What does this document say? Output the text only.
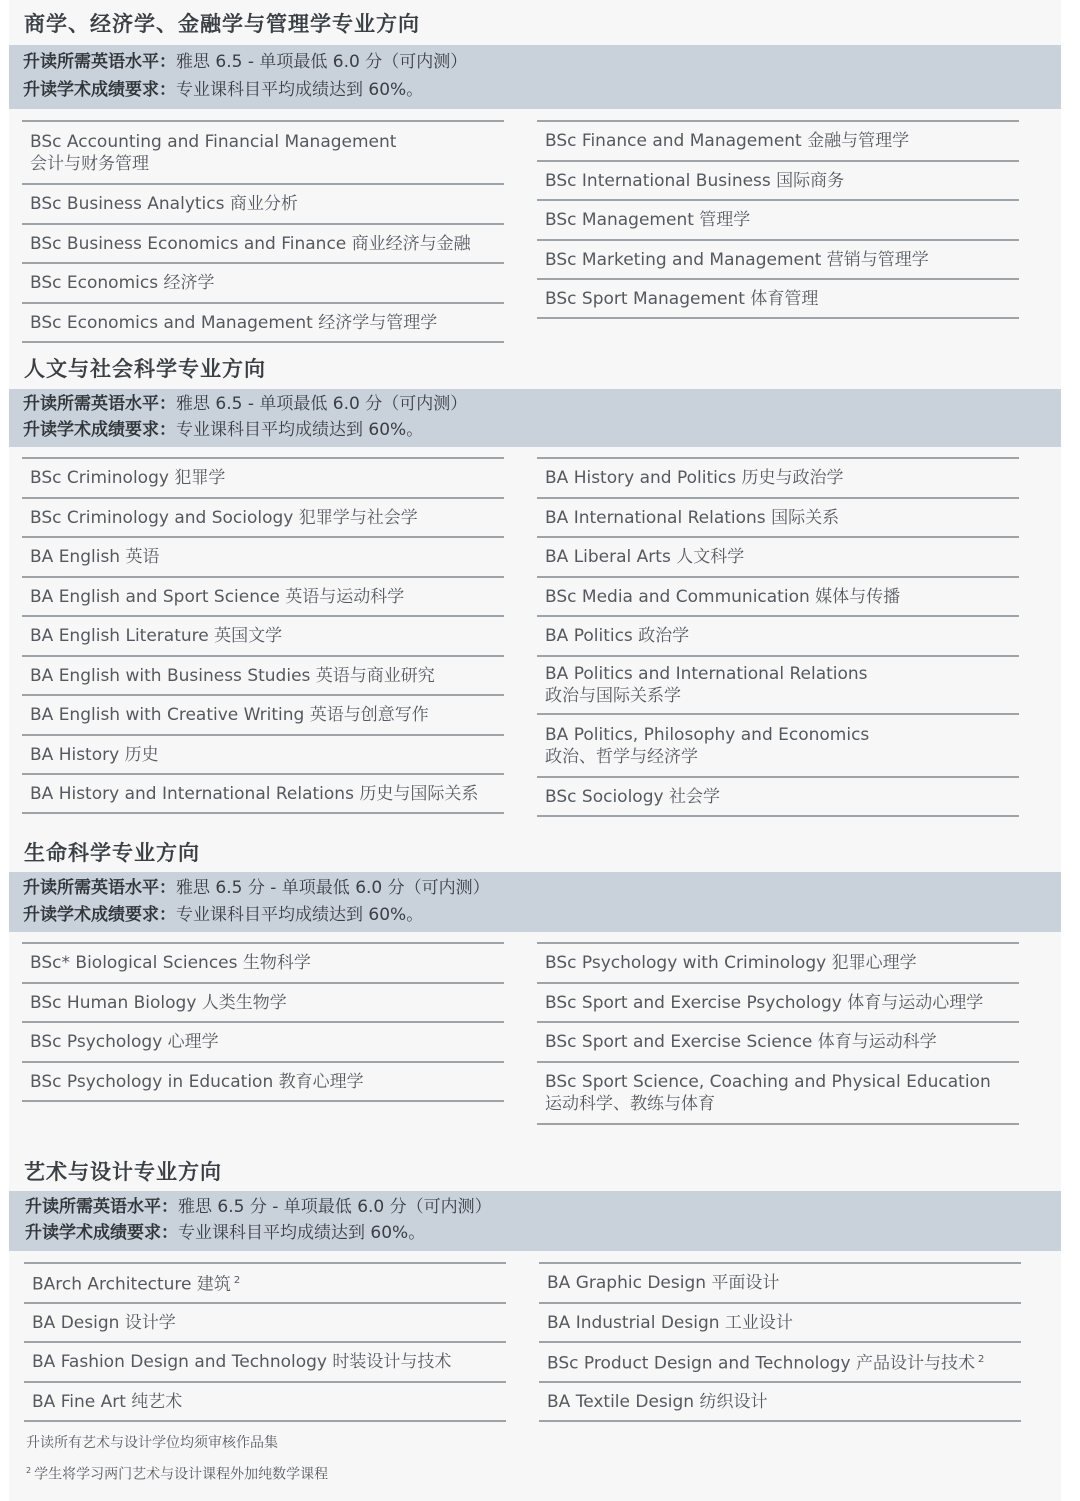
商学、经济学、金融学与管理学专业方向
升读所需英语水平：雅思 6.5 - 单项最低 6.0 分（可内测）
升读学术成绩要求：专业课科目平均成绩达到 60%。
BSc Accounting and Financial Management
会计与财务管理
BSc Business Analytics 商业分析
BSc Business Economics and Finance 商业经济与金融
BSc Economics 经济学
BSc Economics and Management 经济学与管理学
BSc Finance and Management 金融与管理学
BSc International Business 国际商务
BSc Management 管理学
BSc Marketing and Management 营销与管理学
BSc Sport Management 体育管理
人文与社会科学专业方向
升读所需英语水平：雅思 6.5 - 单项最低 6.0 分（可内测）
升读学术成绩要求：专业课科目平均成绩达到 60%。
BSc Criminology 犯罪学
BSc Criminology and Sociology 犯罪学与社会学
BA English 英语
BA English and Sport Science 英语与运动科学
BA English Literature 英国文学
BA English with Business Studies 英语与商业研究
BA English with Creative Writing 英语与创意写作
BA History 历史
BA History and International Relations 历史与国际关系
BA History and Politics 历史与政治学
BA International Relations 国际关系
BA Liberal Arts 人文科学
BSc Media and Communication 媒体与传播
BA Politics 政治学
BA Politics and International Relations
政治与国际关系学
BA Politics, Philosophy and Economics
政治、哲学与经济学
BSc Sociology 社会学
生命科学专业方向
升读所需英语水平：雅思 6.5 分 - 单项最低 6.0 分（可内测）
升读学术成绩要求：专业课科目平均成绩达到 60%。
BSc* Biological Sciences 生物科学
BSc Human Biology 人类生物学
BSc Psychology 心理学
BSc Psychology in Education 教育心理学
BSc Psychology with Criminology 犯罪心理学
BSc Sport and Exercise Psychology 体育与运动心理学
BSc Sport and Exercise Science 体育与运动科学
BSc Sport Science, Coaching and Physical Education
运动科学、教练与体育
艺术与设计专业方向
升读所需英语水平：雅思 6.5 分 - 单项最低 6.0 分（可内测）
升读学术成绩要求：专业课科目平均成绩达到 60%。
BArch Architecture 建筑 $^2$
BA Design 设计学
BA Fashion Design and Technology 时装设计与技术
BA Fine Art 纯艺术
BA Graphic Design 平面设计
BA Industrial Design 工业设计
BSc Product Design and Technology 产品设计与技术 $^2$
BA Textile Design 纺织设计
升读所有艺术与设计学位均须审核作品集
$^2$ 学生将学习两门艺术与设计课程外加纯数学课程
